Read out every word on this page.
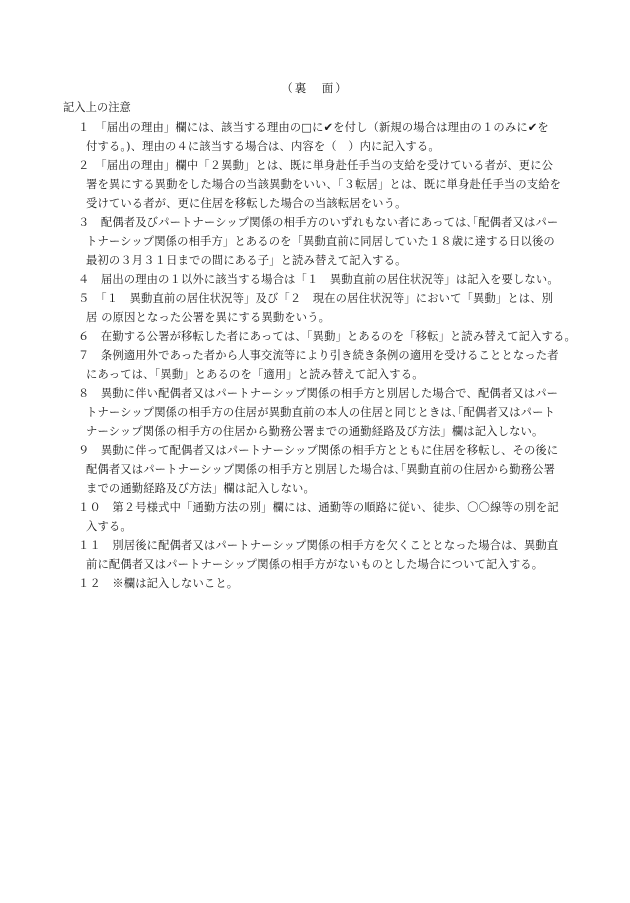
（裏　面）
記入上の注意
１　「届出の理由」欄には、該当する理由の□に✔を付し（新規の場合は理由の１のみに✔を
付する。)、理由の４に該当する場合は、内容を（　）内に記入する。
２　「届出の理由」欄中「２異動」とは、既に単身赴任手当の支給を受けている者が、更に公
署を異にする異動をした場合の当該異動をいい、「３転居」とは、既に単身赴任手当の支給を
受けている者が、更に住居を移転した場合の当該転居をいう。
３　配偶者及びパートナーシップ関係の相手方のいずれもない者にあっては､｢配偶者又はパー
トナーシップ関係の相手方」とあるのを「異動直前に同居していた１８歳に達する日以後の
最初の３月３１日までの間にある子」と読み替えて記入する。
４　届出の理由の１以外に該当する場合は「１　異動直前の居住状況等」は記入を要しない。
５　「１　異動直前の居住状況等」及び「２　現在の居住状況等」において「異動」とは、別
居 の原因となった公署を異にする異動をいう。
６　在勤する公署が移転した者にあっては、「異動」とあるのを「移転」と読み替えて記入する。
７　条例適用外であった者から人事交流等により引き続き条例の適用を受けることとなった者
にあっては、「異動」とあるのを「適用」と読み替えて記入する。
８　異動に伴い配偶者又はパートナーシップ関係の相手方と別居した場合で、配偶者又はパー
トナーシップ関係の相手方の住居が異動直前の本人の住居と同じときは､｢配偶者又はパート
ナーシップ関係の相手方の住居から勤務公署までの通勤経路及び方法」欄は記入しない。
９　異動に伴って配偶者又はパートナーシップ関係の相手方とともに住居を移転し、その後に
配偶者又はパートナーシップ関係の相手方と別居した場合は､｢異動直前の住居から勤務公署
までの通勤経路及び方法」欄は記入しない。
１０　第２号様式中「通勤方法の別」欄には、通勤等の順路に従い、徒歩、〇〇線等の別を記
入する。
１１　別居後に配偶者又はパートナーシップ関係の相手方を欠くこととなった場合は、異動直
前に配偶者又はパートナーシップ関係の相手方がないものとした場合について記入する。
１２　※欄は記入しないこと。
